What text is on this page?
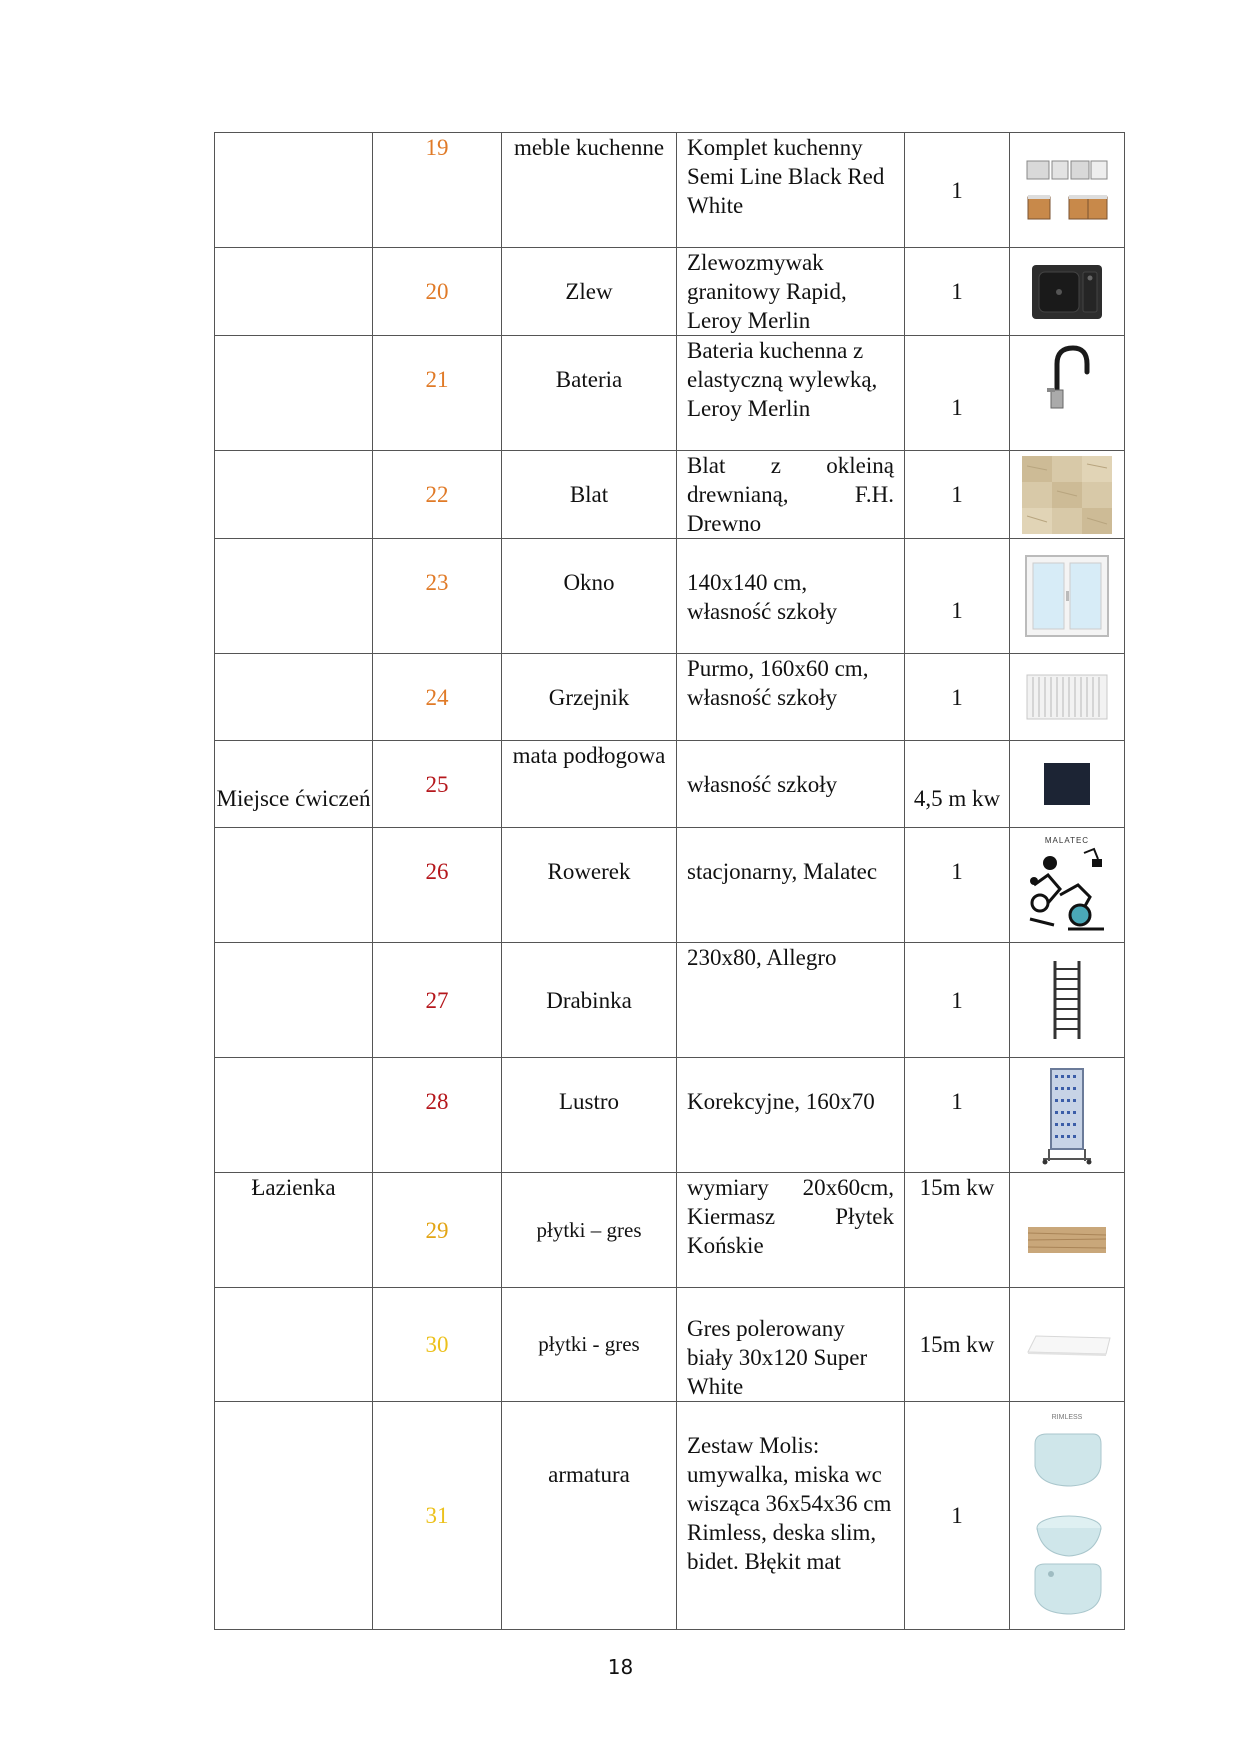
	19	meble kuchenne	Komplet kuchenny Semi Line Black Red White	1	

	20	Zlew	Zlewozmywak granitowy Rapid, Leroy Merlin	1	

	21	Bateria	Bateria kuchenna z elastyczną wylewką, Leroy Merlin	1	

	22	Blat	Blat z okleiną drewnianą, F.H. Drewno	1	

	23	Okno	140x140 cm, własność szkoły	1	

	24	Grzejnik	Purmo, 160x60 cm, własność szkoły	1	

Miejsce ćwiczeń	25	mata podłogowa	własność szkoły	4,5 m kw	

	26	Rowerek	stacjonarny, Malatec	1	MALATEC

	27	Drabinka	230x80, Allegro	1	

	28	Lustro	Korekcyjne, 160x70	1	

Łazienka	29	płytki – gres	wymiary 20x60cm, Kiermasz Płytek Końskie	15m kw	

	30	płytki - gres	Gres polerowany biały 30x120 Super White	15m kw	

	31	armatura	Zestaw Molis: umywalka, miska wc wisząca 36x54x36 cm Rimless, deska slim, bidet. Błękit mat	1	RIMLESS
18
